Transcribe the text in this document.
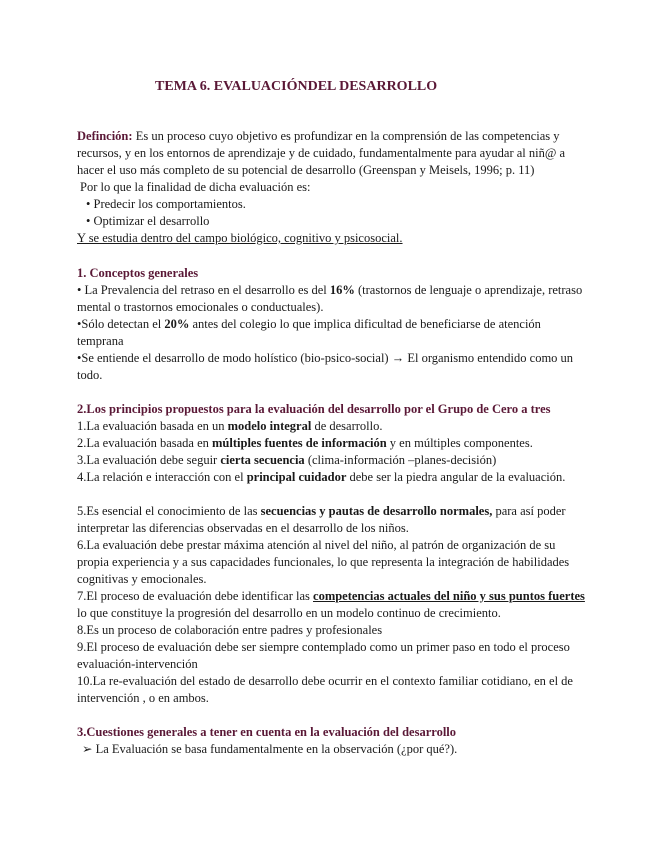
TEMA 6. EVALUACIÓNDEL DESARROLLO
Definción: Es un proceso cuyo objetivo es profundizar en la comprensión de las competencias y recursos, y en los entornos de aprendizaje y de cuidado, fundamentalmente para ayudar al niñ@ a hacer el uso más completo de su potencial de desarrollo (Greenspan y Meisels, 1996; p. 11)
Por lo que la finalidad de dicha evaluación es:
• Predecir los comportamientos.
• Optimizar el desarrollo
Y se estudia dentro del campo biológico, cognitivo y psicosocial.
1. Conceptos generales
• La Prevalencia del retraso en el desarrollo es del 16% (trastornos de lenguaje o aprendizaje, retraso mental o trastornos emocionales o conductuales).
•Sólo detectan el 20% antes del colegio lo que implica dificultad de beneficiarse de atención temprana
•Se entiende el desarrollo de modo holístico (bio-psico-social) → El organismo entendido como un todo.
2.Los principios propuestos para la evaluación del desarrollo por el Grupo de Cero a tres
1.La evaluación basada en un modelo integral de desarrollo.
2.La evaluación basada en múltiples fuentes de información y en múltiples componentes.
3.La evaluación debe seguir cierta secuencia (clima-información –planes-decisión)
4.La relación e interacción con el principal cuidador debe ser la piedra angular de la evaluación.
5.Es esencial el conocimiento de las secuencias y pautas de desarrollo normales, para así poder interpretar las diferencias observadas en el desarrollo de los niños.
6.La evaluación debe prestar máxima atención al nivel del niño, al patrón de organización de su propia experiencia y a sus capacidades funcionales, lo que representa la integración de habilidades cognitivas y emocionales.
7.El proceso de evaluación debe identificar las competencias actuales del niño y sus puntos fuertes lo que constituye la progresión del desarrollo en un modelo continuo de crecimiento.
8.Es un proceso de colaboración entre padres y profesionales
9.El proceso de evaluación debe ser siempre contemplado como un primer paso en todo el proceso evaluación-intervención
10.La re-evaluación del estado de desarrollo debe ocurrir en el contexto familiar cotidiano, en el de intervención , o en ambos.
3.Cuestiones generales a tener en cuenta en la evaluación del desarrollo
➢ La Evaluación se basa fundamentalmente en la observación (¿por qué?).
